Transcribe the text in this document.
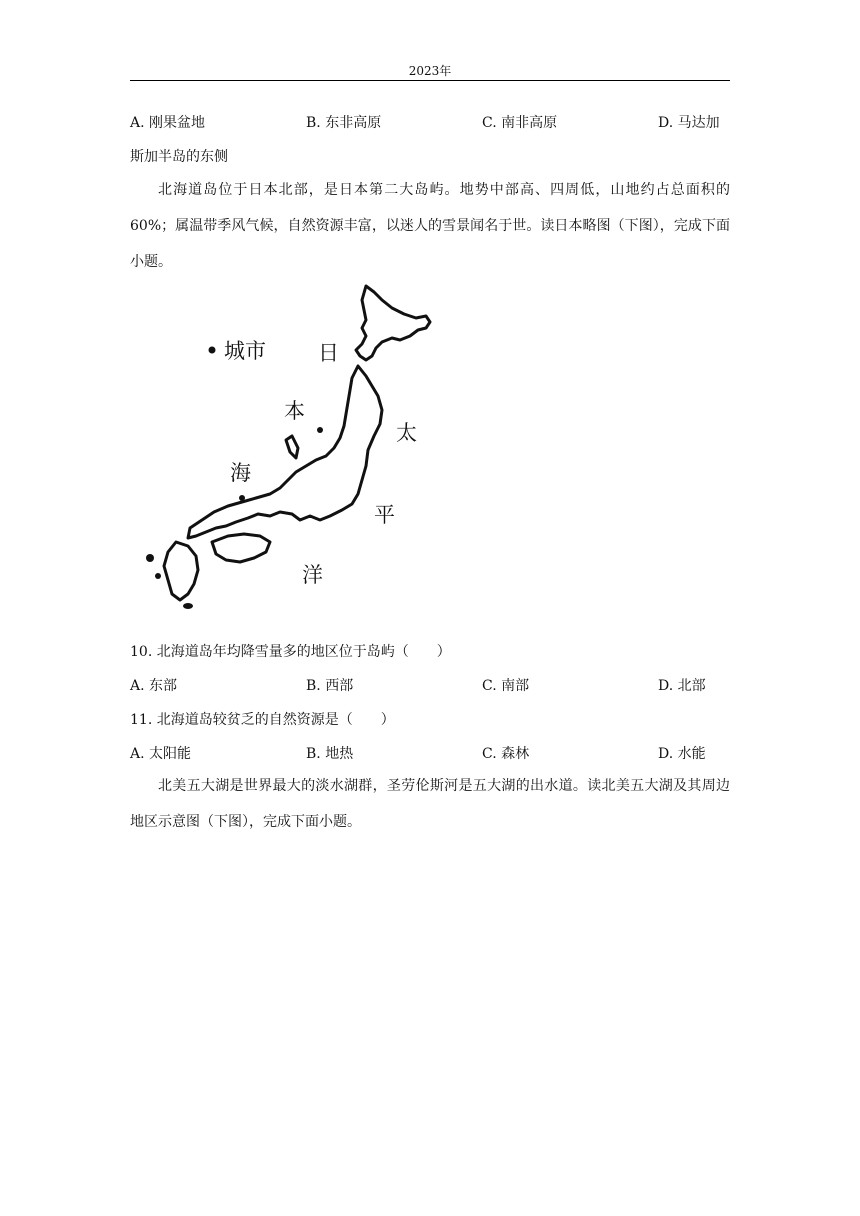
2023年
A. 刚果盆地	B. 东非高原	C. 南非高原	D. 马达加
斯加半岛的东侧
北海道岛位于日本北部，是日本第二大岛屿。地势中部高、四周低，山地约占总面积的60%；属温带季风气候，自然资源丰富，以迷人的雪景闻名于世。读日本略图（下图），完成下面小题。
城市 日
本
海
太
平
洋
10. 北海道岛年均降雪量多的地区位于岛屿（　　）
A. 东部	B. 西部	C. 南部	D. 北部
11. 北海道岛较贫乏的自然资源是（　　）
A. 太阳能	B. 地热	C. 森林	D. 水能
北美五大湖是世界最大的淡水湖群，圣劳伦斯河是五大湖的出水道。读北美五大湖及其周边地区示意图（下图），完成下面小题。
